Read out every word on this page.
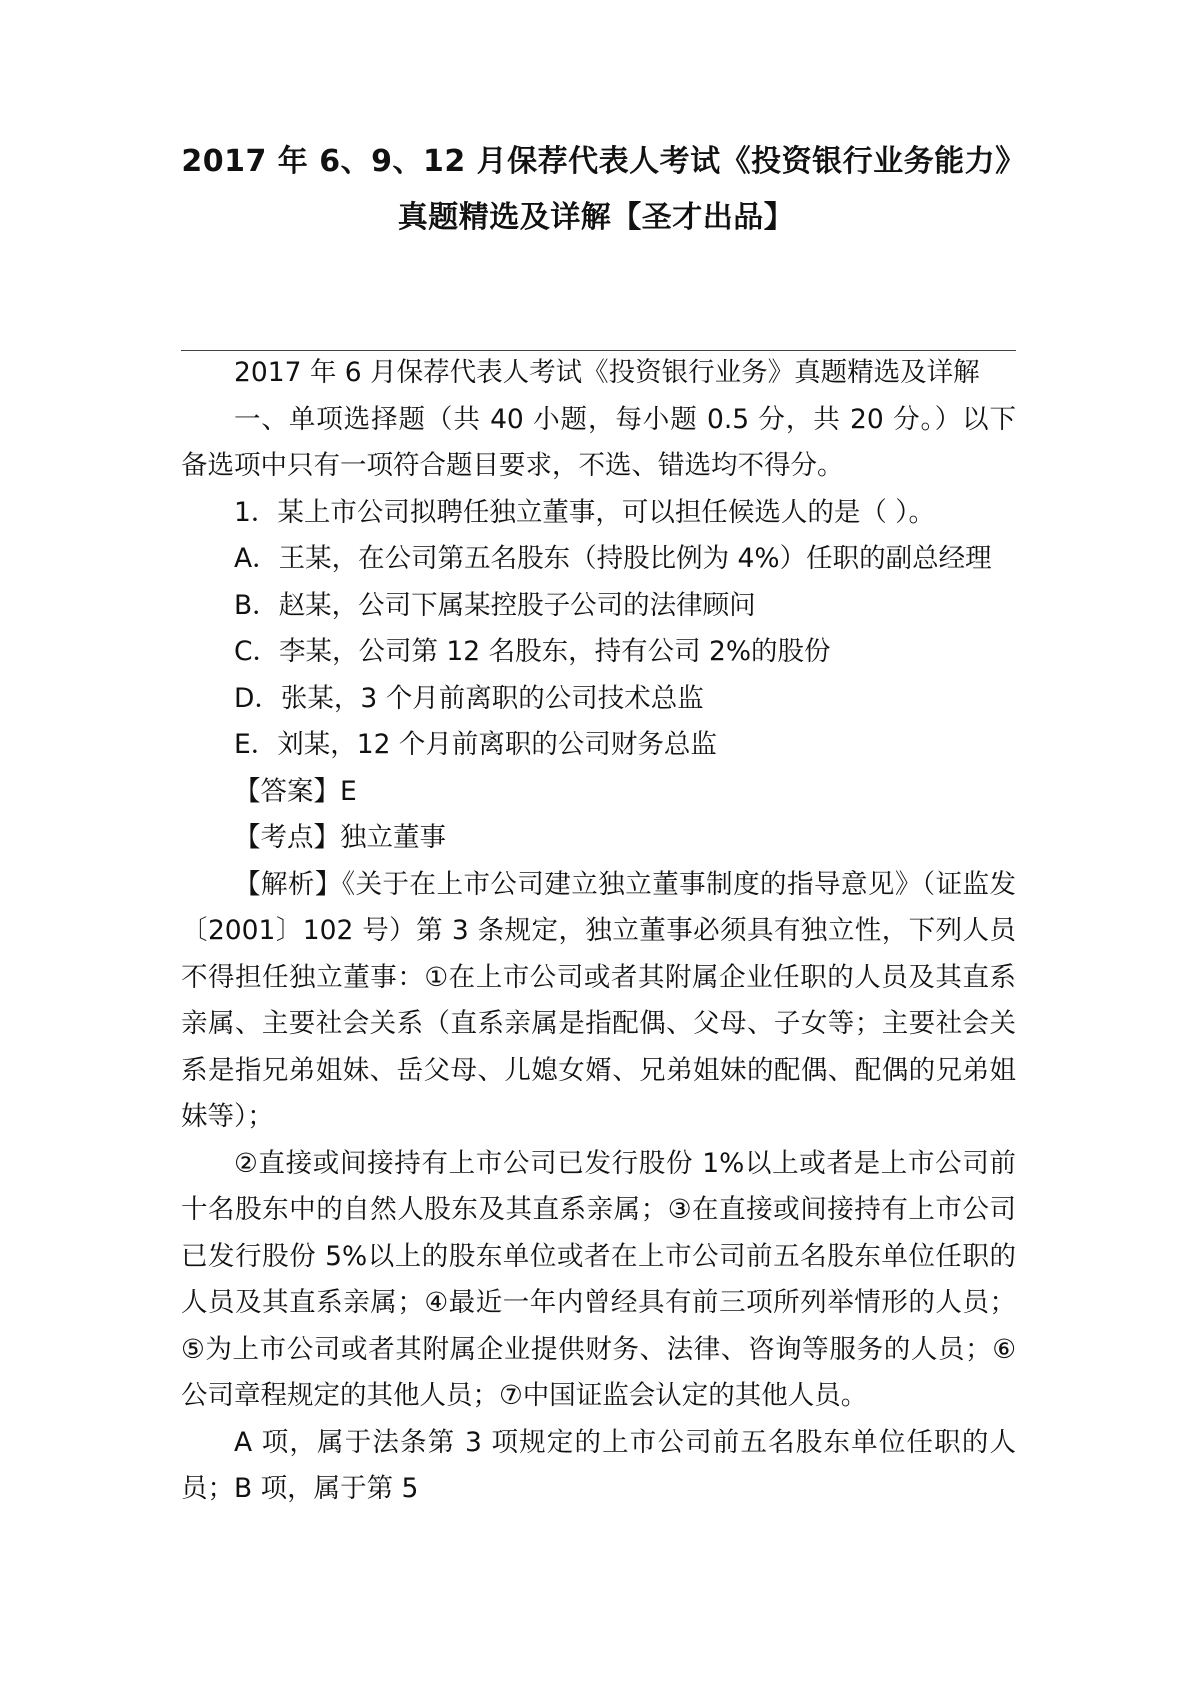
2017 年 6、9、12 月保荐代表人考试《投资银行业务能力》真题精选及详解【圣才出品】

2017 年 6 月保荐代表人考试《投资银行业务》真题精选及详解

一、单项选择题（共 40 小题，每小题 0.5 分，共 20 分。）以下备选项中只有一项符合题目要求，不选、错选均不得分。

1．某上市公司拟聘任独立董事，可以担任候选人的是（ ）。

A．王某，在公司第五名股东（持股比例为 4%）任职的副总经理

B．赵某，公司下属某控股子公司的法律顾问

C．李某，公司第 12 名股东，持有公司 2%的股份

D．张某，3 个月前离职的公司技术总监

E．刘某，12 个月前离职的公司财务总监

【答案】E

【考点】独立董事

【解析】《关于在上市公司建立独立董事制度的指导意见》（证监发〔2001〕102 号）第 3 条规定，独立董事必须具有独立性，下列人员不得担任独立董事：①在上市公司或者其附属企业任职的人员及其直系亲属、主要社会关系（直系亲属是指配偶、父母、子女等；主要社会关系是指兄弟姐妹、岳父母、儿媳女婿、兄弟姐妹的配偶、配偶的兄弟姐妹等）；

②直接或间接持有上市公司已发行股份 1%以上或者是上市公司前十名股东中的自然人股东及其直系亲属；③在直接或间接持有上市公司已发行股份 5%以上的股东单位或者在上市公司前五名股东单位任职的人员及其直系亲属；④最近一年内曾经具有前三项所列举情形的人员；⑤为上市公司或者其附属企业提供财务、法律、咨询等服务的人员；⑥公司章程规定的其他人员；⑦中国证监会认定的其他人员。

A 项，属于法条第 3 项规定的上市公司前五名股东单位任职的人员；B 项，属于第 5
